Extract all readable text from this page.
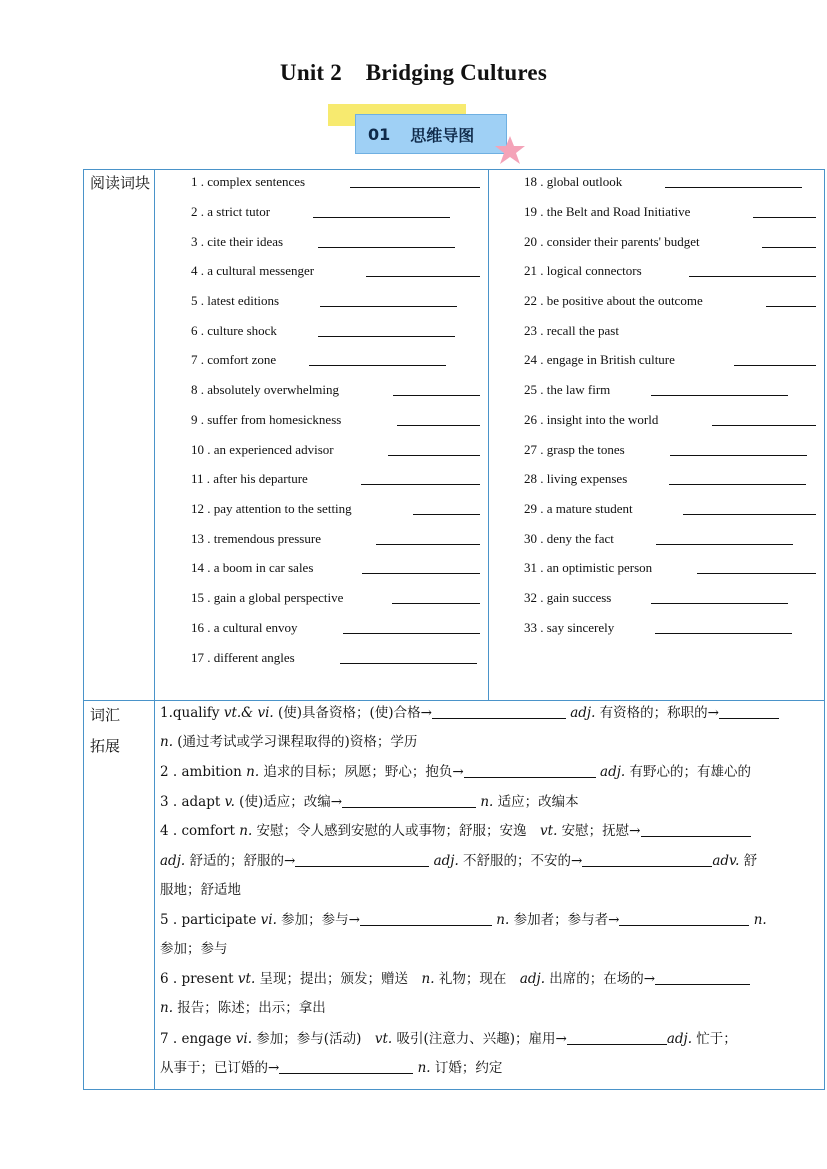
Unit 2    Bridging Cultures
01 思维导图
阅读词块
词汇拓展
1 . complex sentences
2 . a strict tutor
3 . cite their ideas
4 . a cultural messenger
5 . latest editions
6 . culture shock
7 . comfort zone
8 . absolutely overwhelming
9 . suffer from homesickness
10 . an experienced advisor
11 . after his departure
12 . pay attention to the setting
13 . tremendous pressure
14 . a boom in car sales
15 . gain a global perspective
16 . a cultural envoy
17 . different angles
18 . global outlook
19 . the Belt and Road Initiative
20 . consider their parents' budget
21 . logical connectors
22 . be positive about the outcome
23 . recall the past
24 . engage in British culture
25 . the law firm
26 . insight into the world
27 . grasp the tones
28 . living expenses
29 . a mature student
30 . deny the fact
31 . an optimistic person
32 . gain success
33 . say sincerely
1.qualify vt.& vi. (使)具备资格；(使)合格→	adj. 有资格的；称职的→
n. (通过考试或学习课程取得的)资格；学历
2 . ambition n. 追求的目标；夙愿；野心；抱负→	adj. 有野心的；有雄心的
3 . adapt v. (使)适应；改编→	n. 适应；改编本
4 . comfort n. 安慰；令人感到安慰的人或事物；舒服；安逸　vt. 安慰；抚慰→
adj. 舒适的；舒服的→	adj. 不舒服的；不安的→	adv. 舒
服地；舒适地
5 . participate vi. 参加；参与→	n. 参加者；参与者→	n.
参加；参与
6 . present vt. 呈现；提出；颁发；赠送　n. 礼物；现在　adj. 出席的；在场的→
n. 报告；陈述；出示；拿出
7 . engage vi. 参加；参与(活动)　vt. 吸引(注意力、兴趣)；雇用→	adj. 忙于；
从事于；已订婚的→	n. 订婚；约定
